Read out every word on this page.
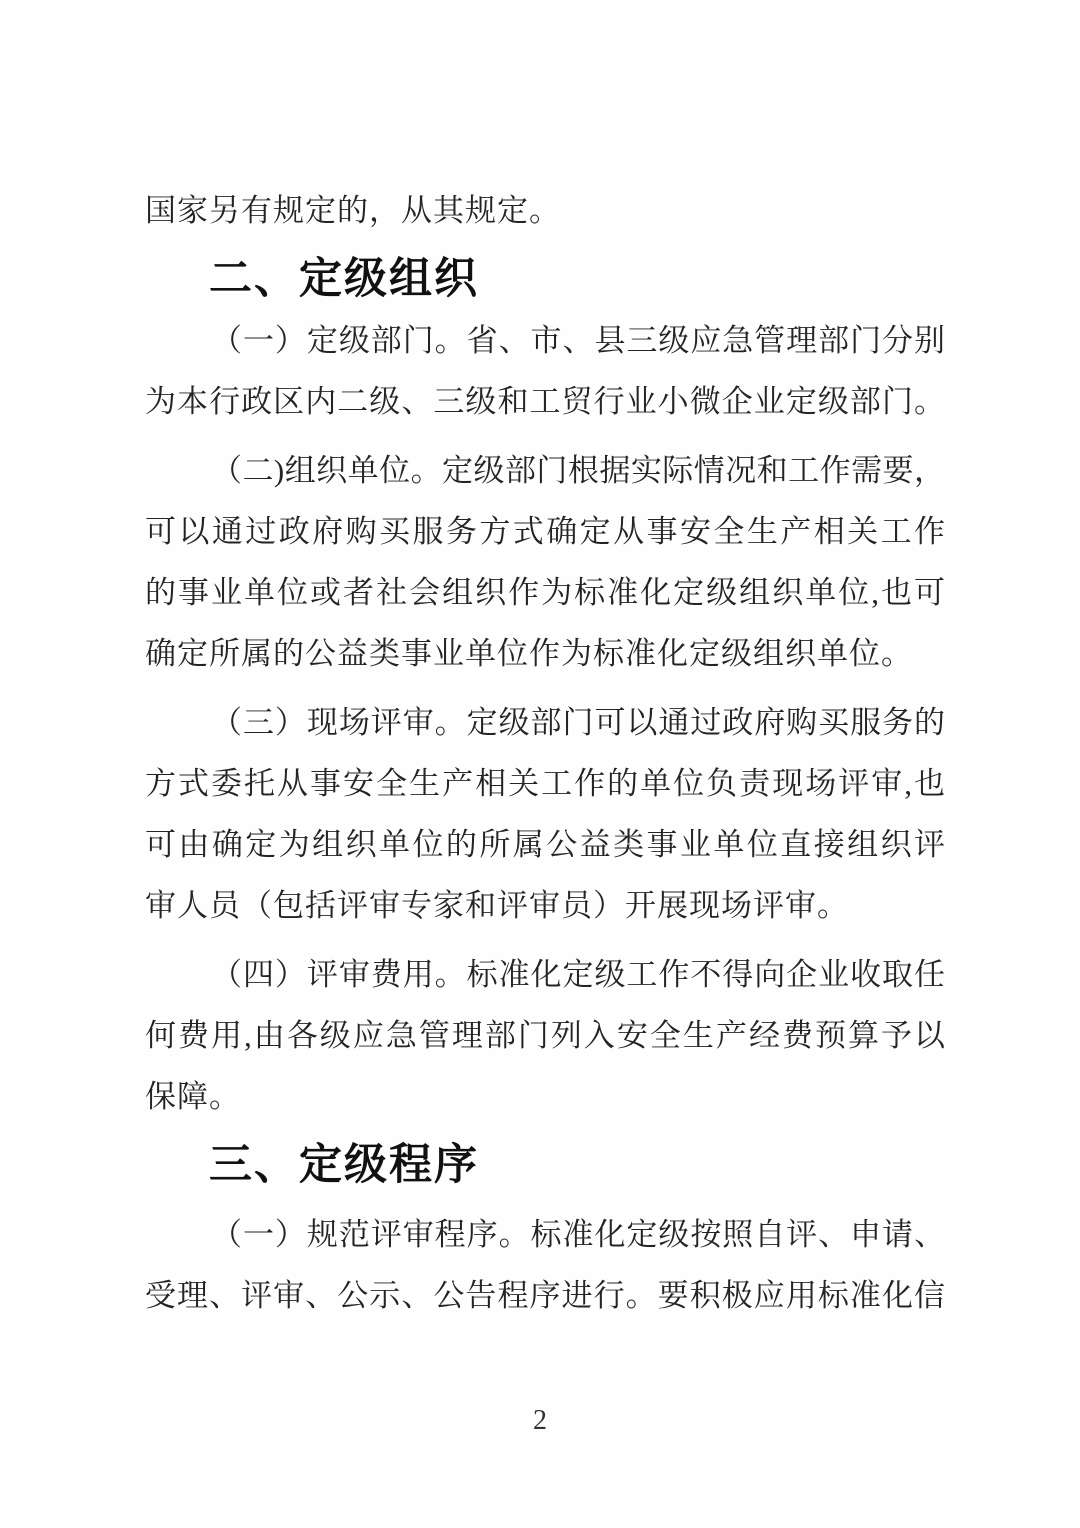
国家另有规定的，从其规定。
二、定级组织
（一）定级部门。省、市、县三级应急管理部门分别
为本行政区内二级、三级和工贸行业小微企业定级部门。
（二)组织单位。定级部门根据实际情况和工作需要，
可以通过政府购买服务方式确定从事安全生产相关工作
的事业单位或者社会组织作为标准化定级组织单位,也可
确定所属的公益类事业单位作为标准化定级组织单位。
（三）现场评审。定级部门可以通过政府购买服务的
方式委托从事安全生产相关工作的单位负责现场评审,也
可由确定为组织单位的所属公益类事业单位直接组织评
审人员（包括评审专家和评审员）开展现场评审。
（四）评审费用。标准化定级工作不得向企业收取任
何费用,由各级应急管理部门列入安全生产经费预算予以
保障。
三、定级程序
（一）规范评审程序。标准化定级按照自评、申请、
受理、评审、公示、公告程序进行。要积极应用标准化信
2
